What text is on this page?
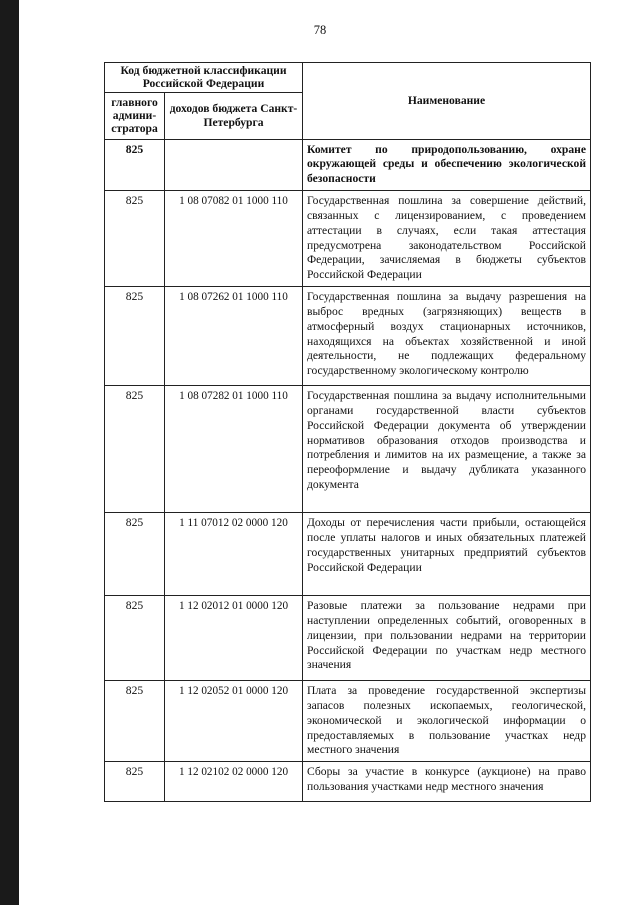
78
Код бюджетной классификации Российской Федерации		Наименование
главного админи-стратора	доходов бюджета Санкт-Петербурга	
825		Комитет по природопользованию, охране окружающей среды и обеспечению экологической безопасности
825	1 08 07082 01 1000 110	Государственная пошлина за совершение действий, связанных с лицензированием, с проведением аттестации в случаях, если такая аттестация предусмотрена законодательством Российской Федерации, зачисляемая в бюджеты субъектов Российской Федерации
825	1 08 07262 01 1000 110	Государственная пошлина за выдачу разрешения на выброс вредных (загрязняющих) веществ в атмосферный воздух стационарных источников, находящихся на объектах хозяйственной и иной деятельности, не подлежащих федеральному государственному экологическому контролю
825	1 08 07282 01 1000 110	Государственная пошлина за выдачу исполнительными органами государственной власти субъектов Российской Федерации документа об утверждении нормативов образования отходов производства и потребления и лимитов на их размещение, а также за переоформление и выдачу дубликата указанного документа
825	1 11 07012 02 0000 120	Доходы от перечисления части прибыли, остающейся после уплаты налогов и иных обязательных платежей государственных унитарных предприятий субъектов Российской Федерации
825	1 12 02012 01 0000 120	Разовые платежи за пользование недрами при наступлении определенных событий, оговоренных в лицензии, при пользовании недрами на территории Российской Федерации по участкам недр местного значения
825	1 12 02052 01 0000 120	Плата за проведение государственной экспертизы запасов полезных ископаемых, геологической, экономической и экологической информации о предоставляемых в пользование участках недр местного значения
825	1 12 02102 02 0000 120	Сборы за участие в конкурсе (аукционе) на право пользования участками недр местного значения
